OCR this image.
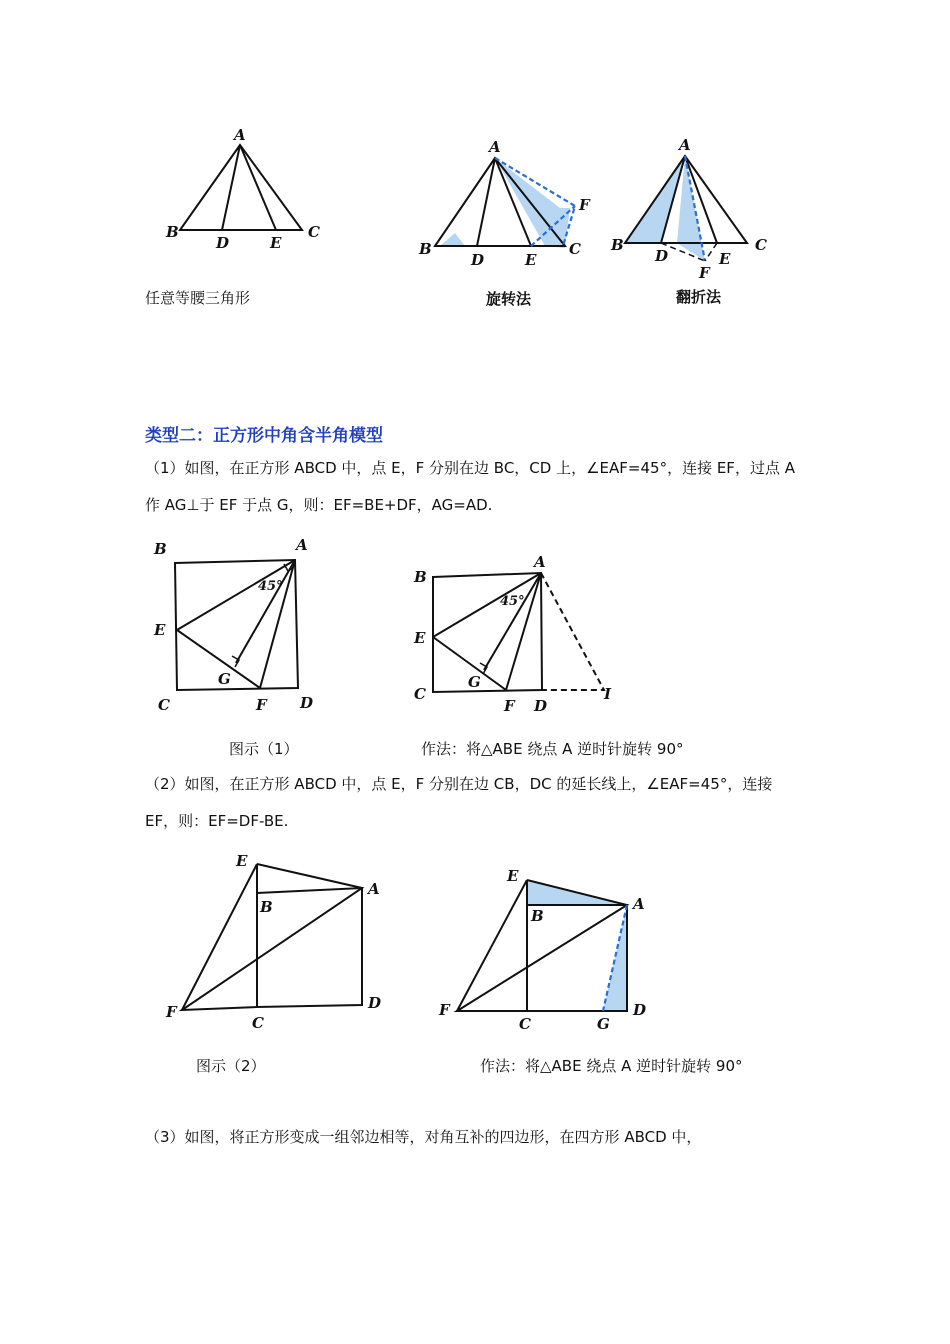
A
B
D	E
C
A
F
B
D	E
C
A
B
D
F
E
C
任意等腰三角形	旋转法	翻折法
类型二：正方形中角含半角模型
（1）如图，在正方形 ABCD 中，点 E，F 分别在边 BC，CD 上，∠EAF=45°，连接 EF，过点 A
作 AG⊥于 EF 于点 G，则：EF=BE+DF，AG=AD.
B	A
E
C
G
F D
45°
B
A
E
C
G
F D
I
45°
图示（1）	作法：将△ABE 绕点 A 逆时针旋转 90°
（2）如图，在正方形 ABCD 中，点 E，F 分别在边 CB，DC 的延长线上，∠EAF=45°，连接
EF，则：EF=DF-BE.
E
B
A
F
C
D
E
B
A
F
C	G
D
图示（2）	作法：将△ABE 绕点 A 逆时针旋转 90°
（3）如图，将正方形变成一组邻边相等，对角互补的四边形，在四方形 ABCD 中，
